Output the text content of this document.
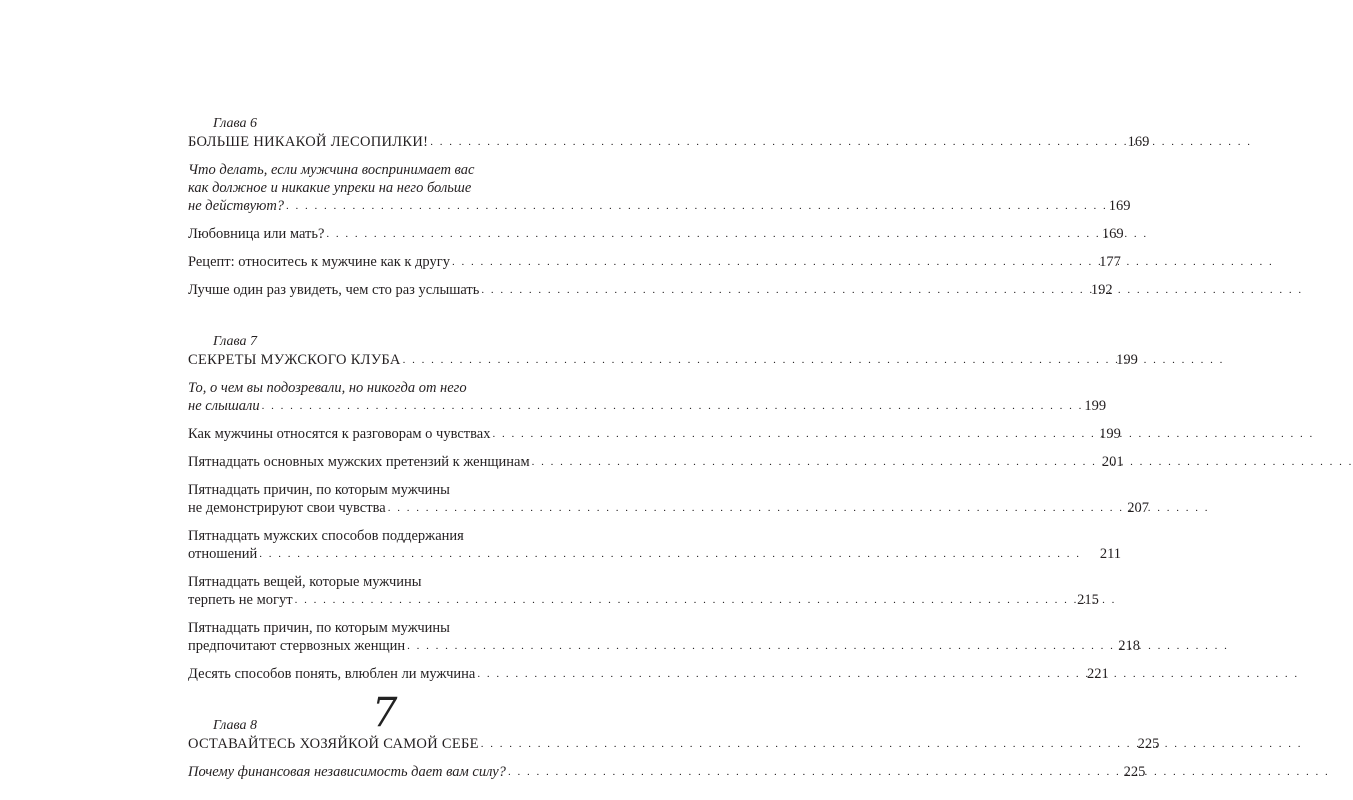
Глава 6
БОЛЬШЕ НИКАКОЙ ЛЕСОПИЛКИ! . . .	169
Что делать, если мужчина воспринимает вас
как должное и никакие упреки на него больше
не действуют? . . .	169
Любовница или мать? . . .	169
Рецепт: относитесь к мужчине как к другу . . .	177
Лучше один раз увидеть, чем сто раз услышать . . .	192
Глава 7
СЕКРЕТЫ МУЖСКОГО КЛУБА . . .	199
То, о чем вы подозревали, но никогда от него
не слышали . . .	199
Как мужчины относятся к разговорам о чувствах . . .	199
Пятнадцать основных мужских претензий к женщинам . . .	201
Пятнадцать причин, по которым мужчины
не демонстрируют свои чувства . . .	207
Пятнадцать мужских способов поддержания
отношений . . .	211
Пятнадцать вещей, которые мужчины
терпеть не могут . . .	215
Пятнадцать причин, по которым мужчины
предпочитают стервозных женщин . . .	218
Десять способов понять, влюблен ли мужчина . . .	221
Глава 8
ОСТАВАЙТЕСЬ ХОЗЯЙКОЙ САМОЙ СЕБЕ . . .	225
Почему финансовая независимость дает вам силу? . . .	225
7
